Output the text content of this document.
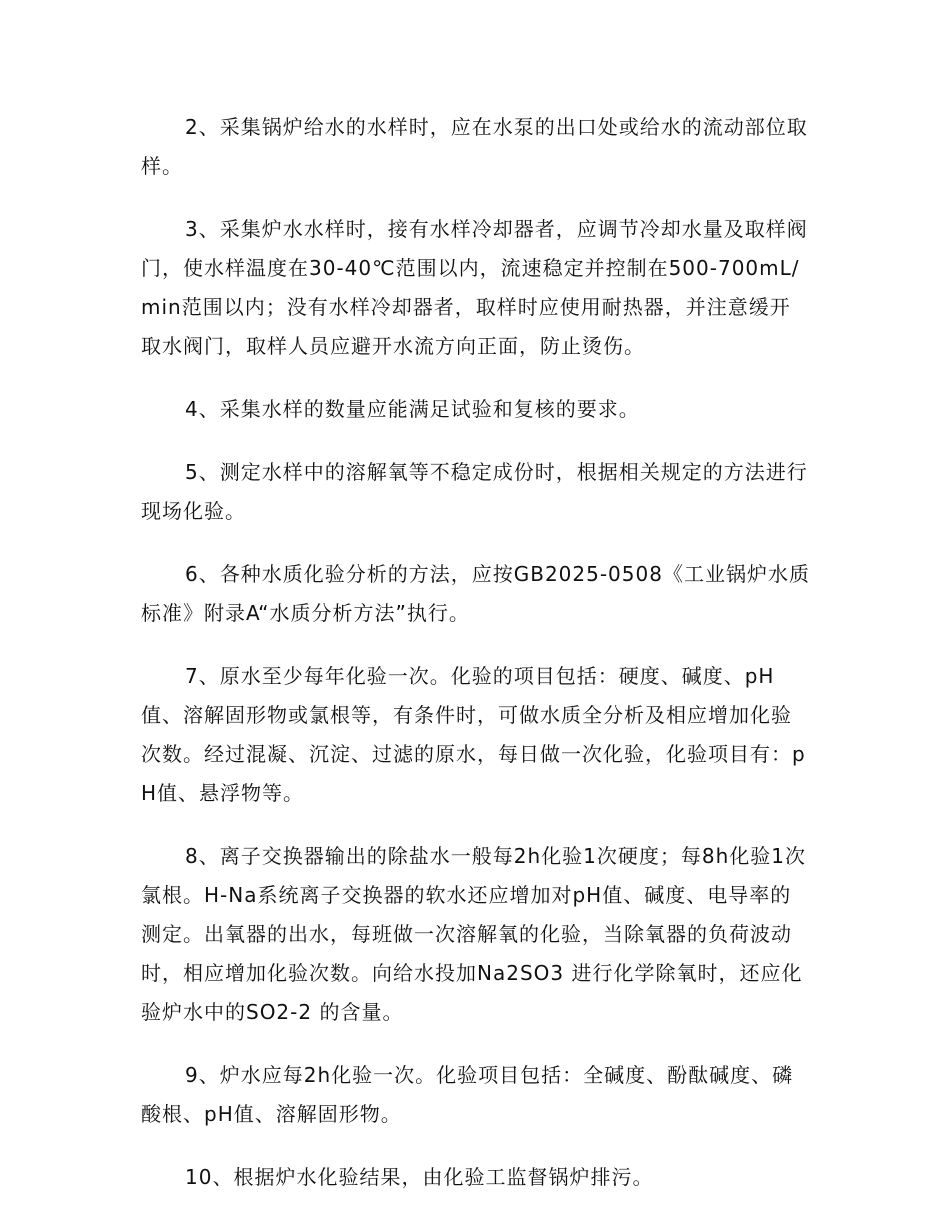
2、采集锅炉给水的水样时，应在水泵的出口处或给水的流动部位取样。

3、采集炉水水样时，接有水样冷却器者，应调节冷却水量及取样阀门，使水样温度在30-40℃范围以内，流速稳定并控制在500-700mL/min范围以内；没有水样冷却器者，取样时应使用耐热器，并注意缓开取水阀门，取样人员应避开水流方向正面，防止烫伤。

4、采集水样的数量应能满足试验和复核的要求。

5、测定水样中的溶解氧等不稳定成份时，根据相关规定的方法进行现场化验。

6、各种水质化验分析的方法，应按GB2025-0508《工业锅炉水质标准》附录A“水质分析方法”执行。

7、原水至少每年化验一次。化验的项目包括：硬度、碱度、pH值、溶解固形物或氯根等，有条件时，可做水质全分析及相应增加化验次数。经过混凝、沉淀、过滤的原水，每日做一次化验，化验项目有：pH值、悬浮物等。

8、离子交换器输出的除盐水一般每2h化验1次硬度；每8h化验1次氯根。H-Na系统离子交换器的软水还应增加对pH值、碱度、电导率的测定。出氧器的出水，每班做一次溶解氧的化验，当除氧器的负荷波动时，相应增加化验次数。向给水投加Na2SO3 进行化学除氧时，还应化验炉水中的SO2-2 的含量。

9、炉水应每2h化验一次。化验项目包括：全碱度、酚酞碱度、磷酸根、pH值、溶解固形物。

10、根据炉水化验结果，由化验工监督锅炉排污。
